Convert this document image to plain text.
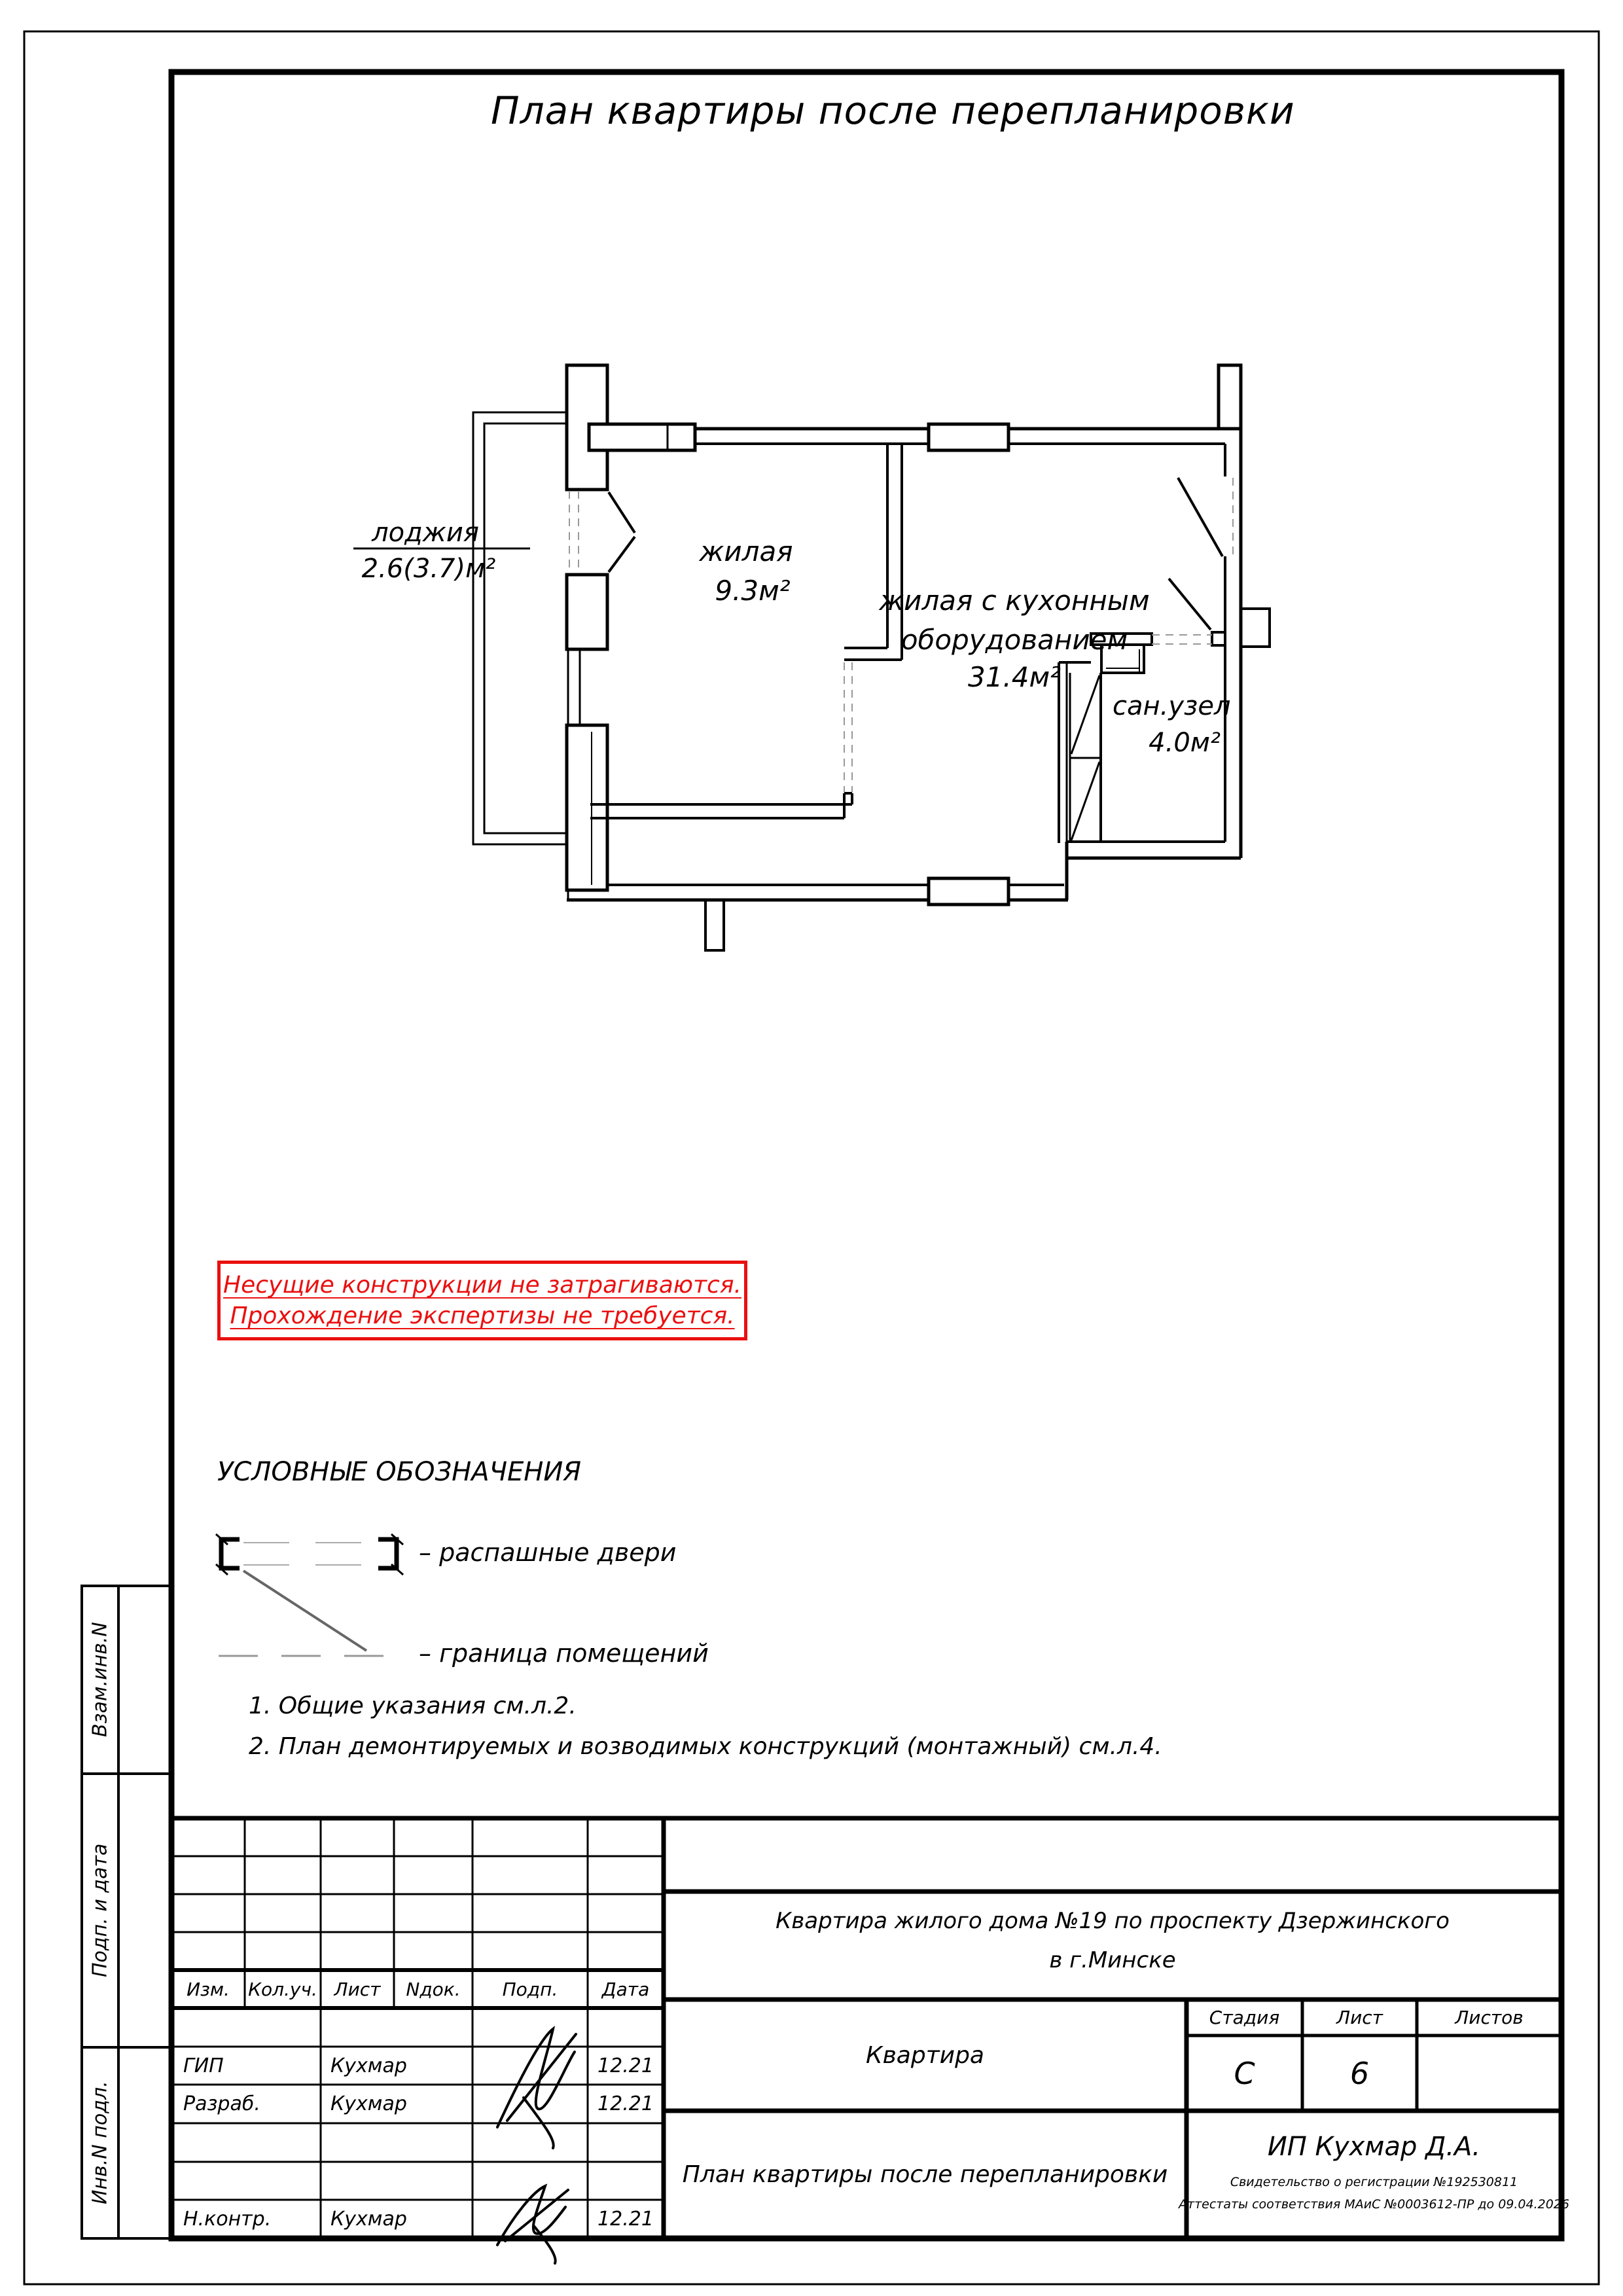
План квартиры после перепланировки
лоджия
2.6(3.7)м²
жилая
9.3м²	жилая с кухонным
оборудованием
31.4м²
сан.узел
4.0м²
Несущие конструкции не затрагиваются.
Прохождение экспертизы не требуется.
УСЛОВНЫЕ ОБОЗНАЧЕНИЯ
– распашные двери
– граница помещений
1. Общие указания см.л.2.
2. План демонтируемых и возводимых конструкций (монтажный) см.л.4.
Взам.инв.N
Подп. и дата
Инв.N подл.
Изм.	Кол.уч. Лист	Nдок.	Подп.	Дата
ГИП	Кухмар	12.21
Разраб.	Кухмар	12.21
Н.контр.	Кухмар	12.21
Квартира жилого дома №19 по проспекту Дзержинского
в г.Минске
Квартира
План квартиры после перепланировки
Стадия	Лист	Листов
С	6
ИП Кухмар Д.А.
Свидетельство о регистрации №192530811
Аттестаты соответствия МАиС №0003612-ПР до 09.04.2026
